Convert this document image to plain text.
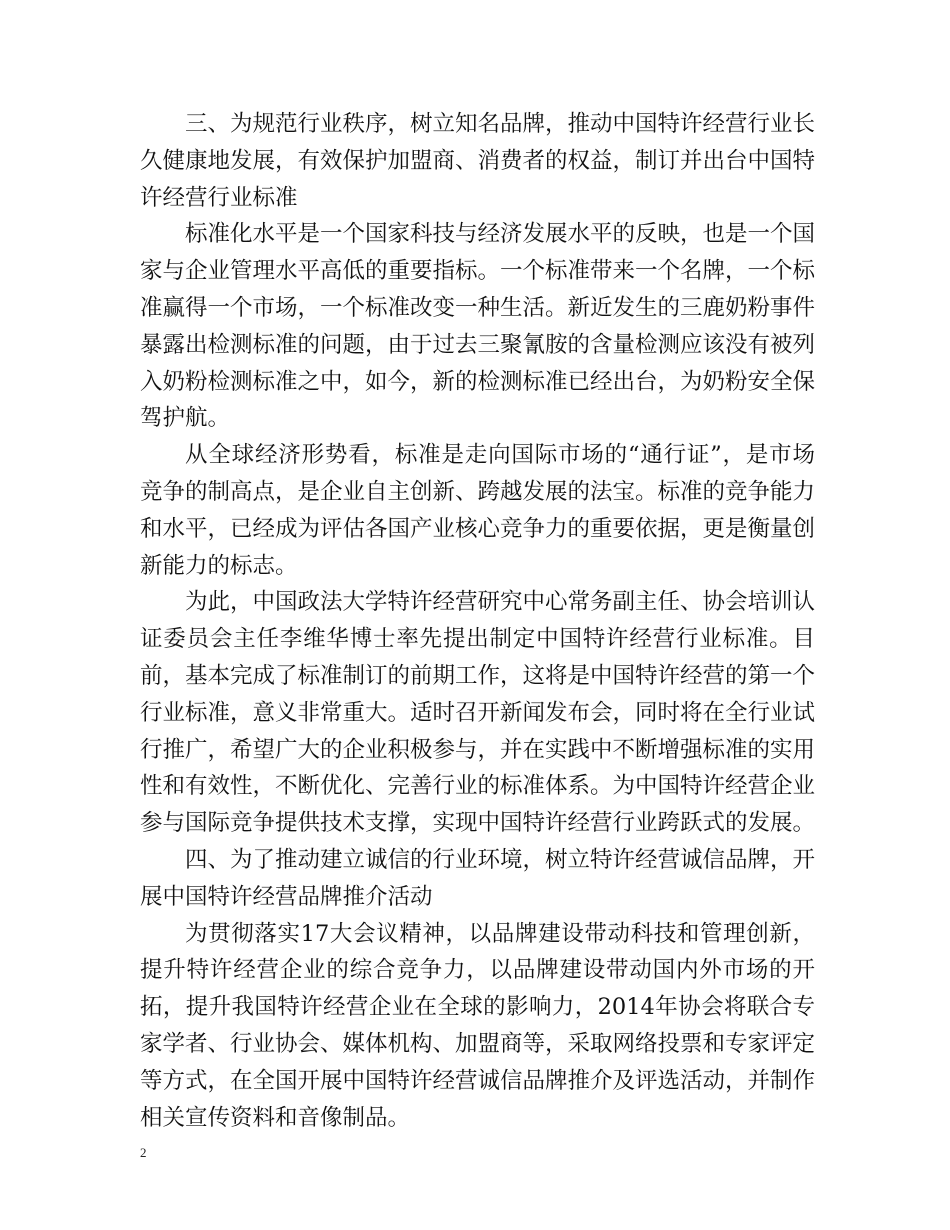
三、为规范行业秩序，树立知名品牌，推动中国特许经营行业长久健康地发展，有效保护加盟商、消费者的权益，制订并出台中国特许经营行业标准

标准化水平是一个国家科技与经济发展水平的反映，也是一个国家与企业管理水平高低的重要指标。一个标准带来一个名牌，一个标准赢得一个市场，一个标准改变一种生活。新近发生的三鹿奶粉事件暴露出检测标准的问题，由于过去三聚氰胺的含量检测应该没有被列入奶粉检测标准之中，如今，新的检测标准已经出台，为奶粉安全保驾护航。

从全球经济形势看，标准是走向国际市场的“通行证”，是市场竞争的制高点，是企业自主创新、跨越发展的法宝。标准的竞争能力和水平，已经成为评估各国产业核心竞争力的重要依据，更是衡量创新能力的标志。

为此，中国政法大学特许经营研究中心常务副主任、协会培训认证委员会主任李维华博士率先提出制定中国特许经营行业标准。目前，基本完成了标准制订的前期工作，这将是中国特许经营的第一个行业标准，意义非常重大。适时召开新闻发布会，同时将在全行业试行推广，希望广大的企业积极参与，并在实践中不断增强标准的实用性和有效性，不断优化、完善行业的标准体系。为中国特许经营企业参与国际竞争提供技术支撑，实现中国特许经营行业跨跃式的发展。

四、为了推动建立诚信的行业环境，树立特许经营诚信品牌，开展中国特许经营品牌推介活动

为贯彻落实17大会议精神，以品牌建设带动科技和管理创新，提升特许经营企业的综合竞争力，以品牌建设带动国内外市场的开拓，提升我国特许经营企业在全球的影响力，2014年协会将联合专家学者、行业协会、媒体机构、加盟商等，采取网络投票和专家评定等方式，在全国开展中国特许经营诚信品牌推介及评选活动，并制作相关宣传资料和音像制品。

2
